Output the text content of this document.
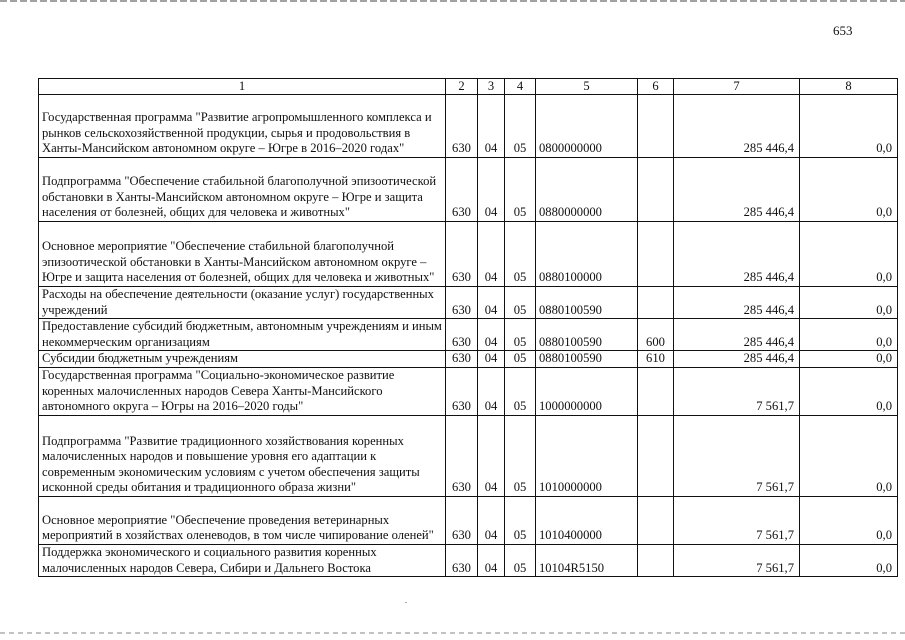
653
1	2	3	4	5	6	7	8
Государственная программа "Развитие агропромышленного комплекса и рынков сельскохозяйственной продукции, сырья и продовольствия в Ханты-Мансийском автономном округе – Югре в 2016–2020 годах"	630	04	05	0800000000		285 446,4	0,0
Подпрограмма "Обеспечение стабильной благополучной эпизоотической обстановки в Ханты-Мансийском автономном округе – Югре и защита населения от болезней, общих для человека и животных"	630	04	05	0880000000		285 446,4	0,0
Основное мероприятие "Обеспечение стабильной благополучной эпизоотической обстановки в Ханты-Мансийском автономном округе – Югре и защита населения от болезней, общих для человека и животных"	630	04	05	0880100000		285 446,4	0,0
Расходы на обеспечение деятельности (оказание услуг) государственных учреждений	630	04	05	0880100590		285 446,4	0,0
Предоставление субсидий бюджетным, автономным учреждениям и иным некоммерческим организациям	630	04	05	0880100590	600	285 446,4	0,0
Субсидии бюджетным учреждениям	630	04	05	0880100590	610	285 446,4	0,0
Государственная программа "Социально-экономическое развитие коренных малочисленных народов Севера Ханты-Мансийского автономного округа – Югры на 2016–2020 годы"	630	04	05	1000000000		7 561,7	0,0
Подпрограмма "Развитие традиционного хозяйствования коренных малочисленных народов и повышение уровня его адаптации к современным экономическим условиям с учетом обеспечения защиты исконной среды обитания и традиционного образа жизни"	630	04	05	1010000000		7 561,7	0,0
Основное мероприятие "Обеспечение проведения ветеринарных мероприятий в хозяйствах оленеводов, в том числе чипирование оленей"	630	04	05	1010400000		7 561,7	0,0
Поддержка экономического и социального развития коренных малочисленных народов Севера, Сибири и Дальнего Востока	630	04	05	10104R5150		7 561,7	0,0
